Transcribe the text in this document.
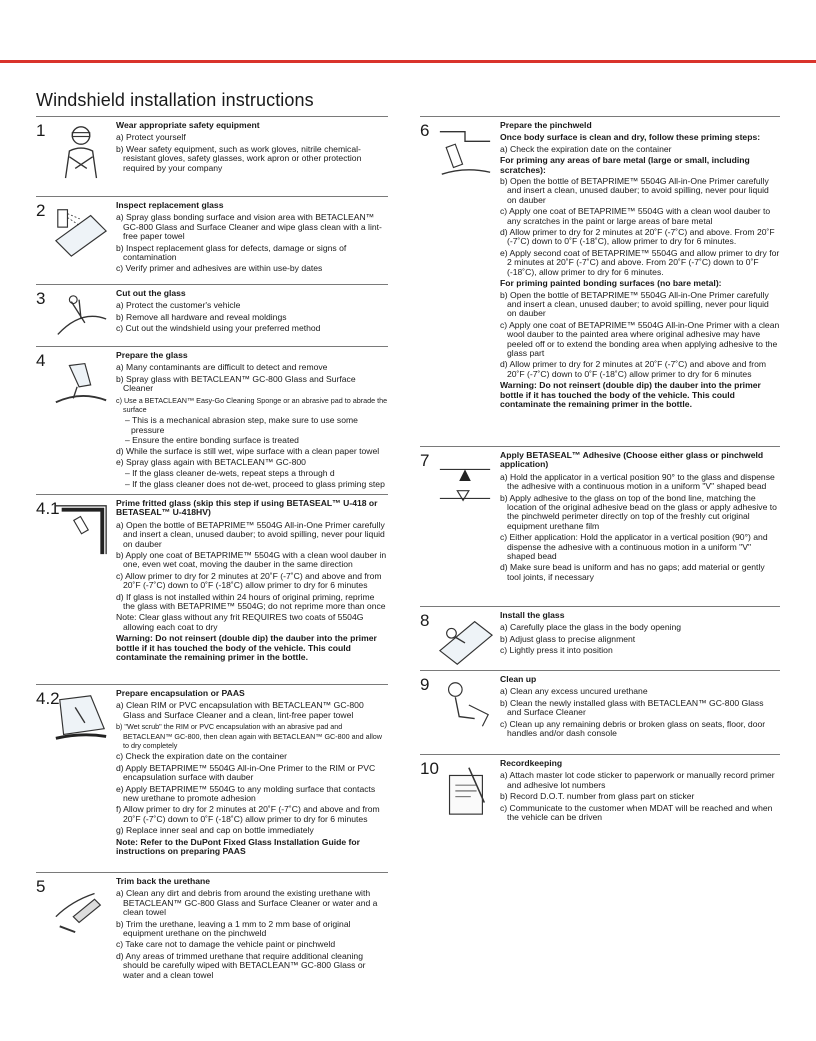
Windshield installation instructions
1	Wear appropriate safety equipment

a) Protect yourself

b) Wear safety equipment, such as work gloves, nitrile chemical-resistant gloves, safety glasses, work apron or other protection required by your company

2	Inspect replacement glass

a) Spray glass bonding surface and vision area with BETACLEAN™ GC-800 Glass and Surface Cleaner and wipe glass clean with a lint-free paper towel

b) Inspect replacement glass for defects, damage or signs of contamination

c) Verify primer and adhesives are within use-by dates

3	Cut out the glass

a) Protect the customer's vehicle

b) Remove all hardware and reveal moldings

c) Cut out the windshield using your preferred method

4	Prepare the glass

a) Many contaminants are difficult to detect and remove

b) Spray glass with BETACLEAN™ GC-800 Glass and Surface Cleaner

c) Use a BETACLEAN™ Easy-Go Cleaning Sponge or an abrasive pad to abrade the surface

– This is a mechanical abrasion step, make sure to use some pressure

– Ensure the entire bonding surface is treated

d) While the surface is still wet, wipe surface with a clean paper towel

e) Spray glass again with BETACLEAN™ GC-800

– If the glass cleaner de-wets, repeat steps a through d

– If the glass cleaner does not de-wet, proceed to glass priming step

4.1	Prime fritted glass (skip this step if using BETASEAL™ U-418 or BETASEAL™ U-418HV)

a) Open the bottle of BETAPRIME™ 5504G All-in-One Primer carefully and insert a clean, unused dauber; to avoid spilling, never pour liquid on dauber

b) Apply one coat of BETAPRIME™ 5504G with a clean wool dauber in one, even wet coat, moving the dauber in the same direction

c) Allow primer to dry for 2 minutes at 20˚F (-7˚C) and above and from 20˚F (-7˚C) down to 0˚F (-18˚C) allow primer to dry for 6 minutes

d) If glass is not installed within 24 hours of original priming, reprime the glass with BETAPRIME™ 5504G; do not reprime more than once

Note: Clear glass without any frit REQUIRES two coats of 5504G allowing each coat to dry

Warning: Do not reinsert (double dip) the dauber into the primer bottle if it has touched the body of the vehicle. This could contaminate the remaining primer in the bottle.

4.2	Prepare encapsulation or PAAS

a) Clean RIM or PVC encapsulation with BETACLEAN™ GC-800 Glass and Surface Cleaner and a clean, lint-free paper towel

b) "Wet scrub" the RIM or PVC encapsulation with an abrasive pad and BETACLEAN™ GC-800, then clean again with BETACLEAN™ GC-800 and allow to dry completely

c) Check the expiration date on the container

d) Apply BETAPRIME™ 5504G All-in-One Primer to the RIM or PVC encapsulation surface with dauber

e) Apply BETAPRIME™ 5504G to any molding surface that contacts new urethane to promote adhesion

f) Allow primer to dry for 2 minutes at 20˚F (-7˚C) and above and from 20˚F (-7˚C) down to 0˚F (-18˚C) allow primer to dry for 6 minutes

g) Replace inner seal and cap on bottle immediately

Note: Refer to the DuPont Fixed Glass Installation Guide for instructions on preparing PAAS

5	Trim back the urethane

a) Clean any dirt and debris from around the existing urethane with BETACLEAN™ GC-800 Glass and Surface Cleaner or water and a clean towel

b) Trim the urethane, leaving a 1 mm to 2 mm base of original equipment urethane on the pinchweld

c) Take care not to damage the vehicle paint or pinchweld

d) Any areas of trimmed urethane that require additional cleaning should be carefully wiped with BETACLEAN™ GC-800 Glass or water and a clean towel

6	Prepare the pinchweld

Once body surface is clean and dry, follow these priming steps:

a) Check the expiration date on the container

For priming any areas of bare metal (large or small, including scratches):

b) Open the bottle of BETAPRIME™ 5504G All-in-One Primer carefully and insert a clean, unused dauber; to avoid spilling, never pour liquid on dauber

c) Apply one coat of BETAPRIME™ 5504G with a clean wool dauber to any scratches in the paint or large areas of bare metal

d) Allow primer to dry for 2 minutes at 20˚F (-7˚C) and above. From 20˚F (-7˚C) down to 0˚F (-18˚C), allow primer to dry for 6 minutes.

e) Apply second coat of BETAPRIME™ 5504G and allow primer to dry for 2 minutes at 20˚F (-7˚C) and above. From 20˚F (-7˚C) down to 0˚F (-18˚C), allow primer to dry for 6 minutes.

For priming painted bonding surfaces (no bare metal):

b) Open the bottle of BETAPRIME™ 5504G All-in-One Primer carefully and insert a clean, unused dauber; to avoid spilling, never pour liquid on dauber

c) Apply one coat of BETAPRIME™ 5504G All-in-One Primer with a clean wool dauber to the painted area where original adhesive may have peeled off or to extend the bonding area when applying adhesive to the glass part

d) Allow primer to dry for 2 minutes at 20˚F (-7˚C) and above and from 20˚F (-7˚C) down to 0˚F (-18˚C) allow primer to dry for 6 minutes

Warning: Do not reinsert (double dip) the dauber into the primer bottle if it has touched the body of the vehicle. This could contaminate the remaining primer in the bottle.

7	Apply BETASEAL™ Adhesive (Choose either glass or pinchweld application)

a) Hold the applicator in a vertical position 90° to the glass and dispense the adhesive with a continuous motion in a uniform "V" shaped bead

b) Apply adhesive to the glass on top of the bond line, matching the location of the original adhesive bead on the glass or apply adhesive to the pinchweld perimeter directly on top of the freshly cut original equipment urethane film

c) Either application: Hold the applicator in a vertical position (90°) and dispense the adhesive with a continuous motion in a uniform "V" shaped bead

d) Make sure bead is uniform and has no gaps; add material or gently tool joints, if necessary

8	Install the glass

a) Carefully place the glass in the body opening

b) Adjust glass to precise alignment

c) Lightly press it into position

9	Clean up

a) Clean any excess uncured urethane

b) Clean the newly installed glass with BETACLEAN™ GC-800 Glass and Surface Cleaner

c) Clean up any remaining debris or broken glass on seats, floor, door handles and/or dash console

10	Recordkeeping

a) Attach master lot code sticker to paperwork or manually record primer and adhesive lot numbers

b) Record D.O.T. number from glass part on sticker

c) Communicate to the customer when MDAT will be reached and when the vehicle can be driven
